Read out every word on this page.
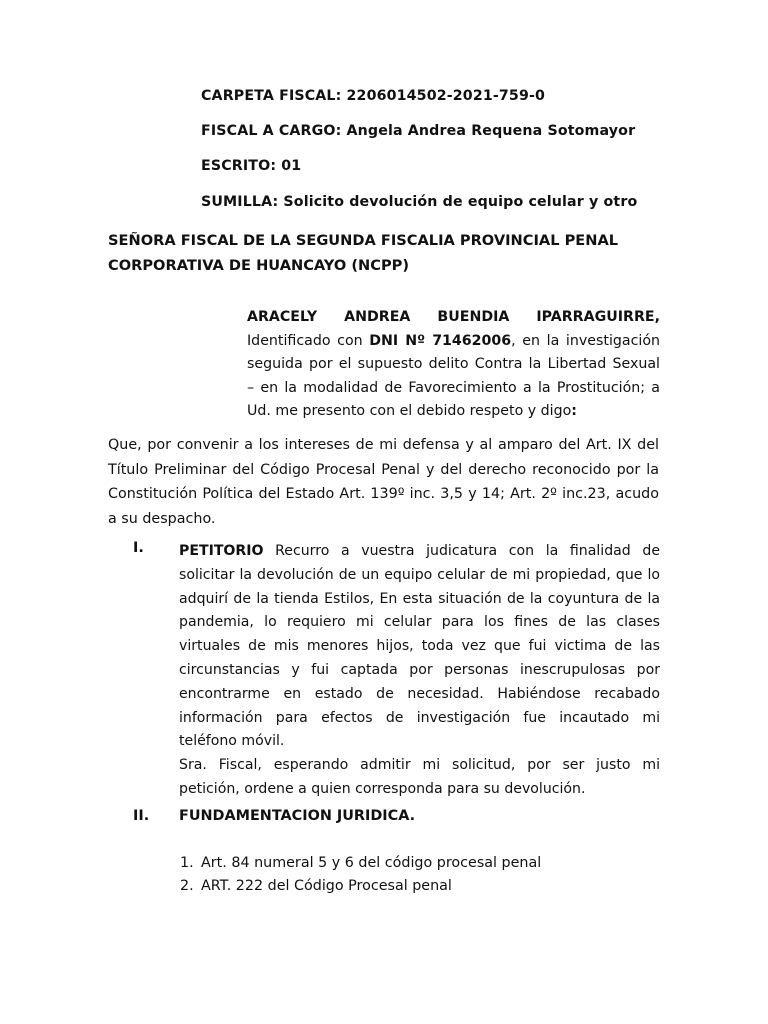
CARPETA FISCAL: 2206014502-2021-759-0
FISCAL A CARGO: Angela Andrea Requena Sotomayor
ESCRITO: 01
SUMILLA: Solicito devolución de equipo celular y otro
SEÑORA FISCAL DE LA SEGUNDA FISCALIA PROVINCIAL PENAL
CORPORATIVA DE HUANCAYO (NCPP)
ARACELY ANDREA BUENDIA IPARRAGUIRRE,
Identificado con DNI Nº 71462006, en la investigación
seguida por el supuesto delito Contra la Libertad Sexual
– en la modalidad de Favorecimiento a la Prostitución; a
Ud. me presento con el debido respeto y digo:
Que, por convenir a los intereses de mi defensa y al amparo del Art. IX del
Título Preliminar del Código Procesal Penal y del derecho reconocido por la
Constitución Política del Estado Art. 139º inc. 3,5 y 14; Art. 2º inc.23, acudo
a su despacho.
I. PETITORIO Recurro a vuestra judicatura con la finalidad de
solicitar la devolución de un equipo celular de mi propiedad, que lo
adquirí de la tienda Estilos, En esta situación de la coyuntura de la
pandemia, lo requiero mi celular para los fines de las clases
virtuales de mis menores hijos, toda vez que fui victima de las
circunstancias y fui captada por personas inescrupulosas por
encontrarme en estado de necesidad. Habiéndose recabado
información para efectos de investigación fue incautado mi
teléfono móvil.
Sra. Fiscal, esperando admitir mi solicitud, por ser justo mi
petición, ordene a quien corresponda para su devolución.
II. FUNDAMENTACION JURIDICA.
1. Art. 84 numeral 5 y 6 del código procesal penal
2. ART. 222 del Código Procesal penal
